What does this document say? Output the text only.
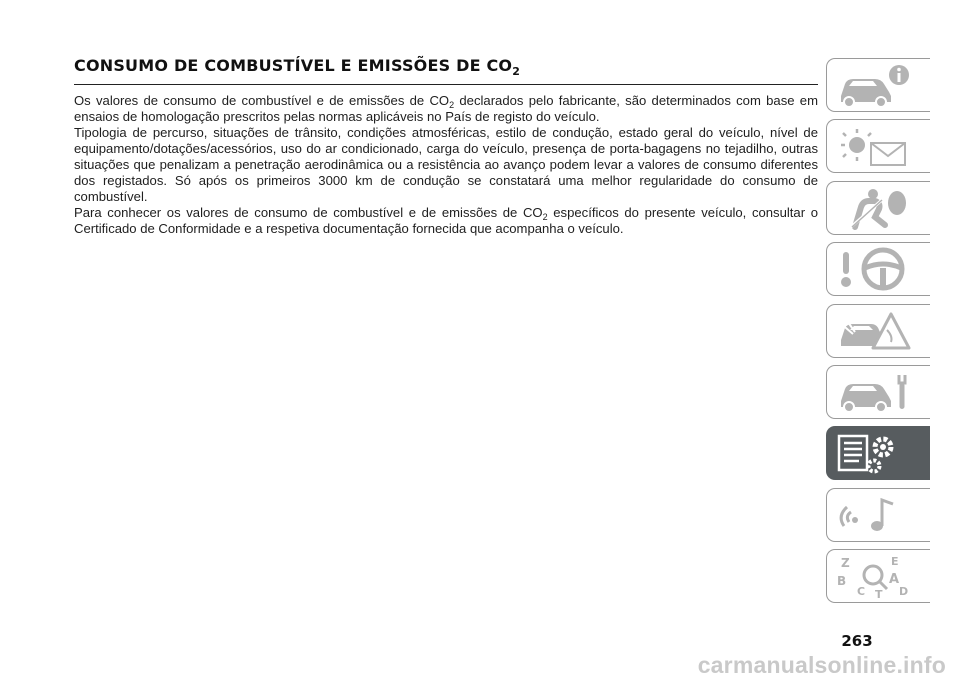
CONSUMO DE COMBUSTÍVEL E EMISSÕES DE $CO_2$

Os valores de consumo de combustível e de emissões de $CO_2$ declarados pelo fabricante, são determinados com base em ensaios de homologação prescritos pelas normas aplicáveis no País de registo do veículo.

Tipologia de percurso, situações de trânsito, condições atmosféricas, estilo de condução, estado geral do veículo, nível de equipamento/dotações/acessórios, uso do ar condicionado, carga do veículo, presença de porta-bagagens no tejadilho, outras situações que penalizam a penetração aerodinâmica ou a resistência ao avanço podem levar a valores de consumo diferentes dos registados. Só após os primeiros 3000 km de condução se constatará uma melhor regularidade do consumo de combustível.

Para conhecer os valores de consumo de combustível e de emissões de $CO_2$ específicos do presente veículo, consultar o Certificado de Conformidade e a respetiva documentação fornecida que acompanha o veículo.

Z	E
B	A
C T D
263
carmanualsonline.info
